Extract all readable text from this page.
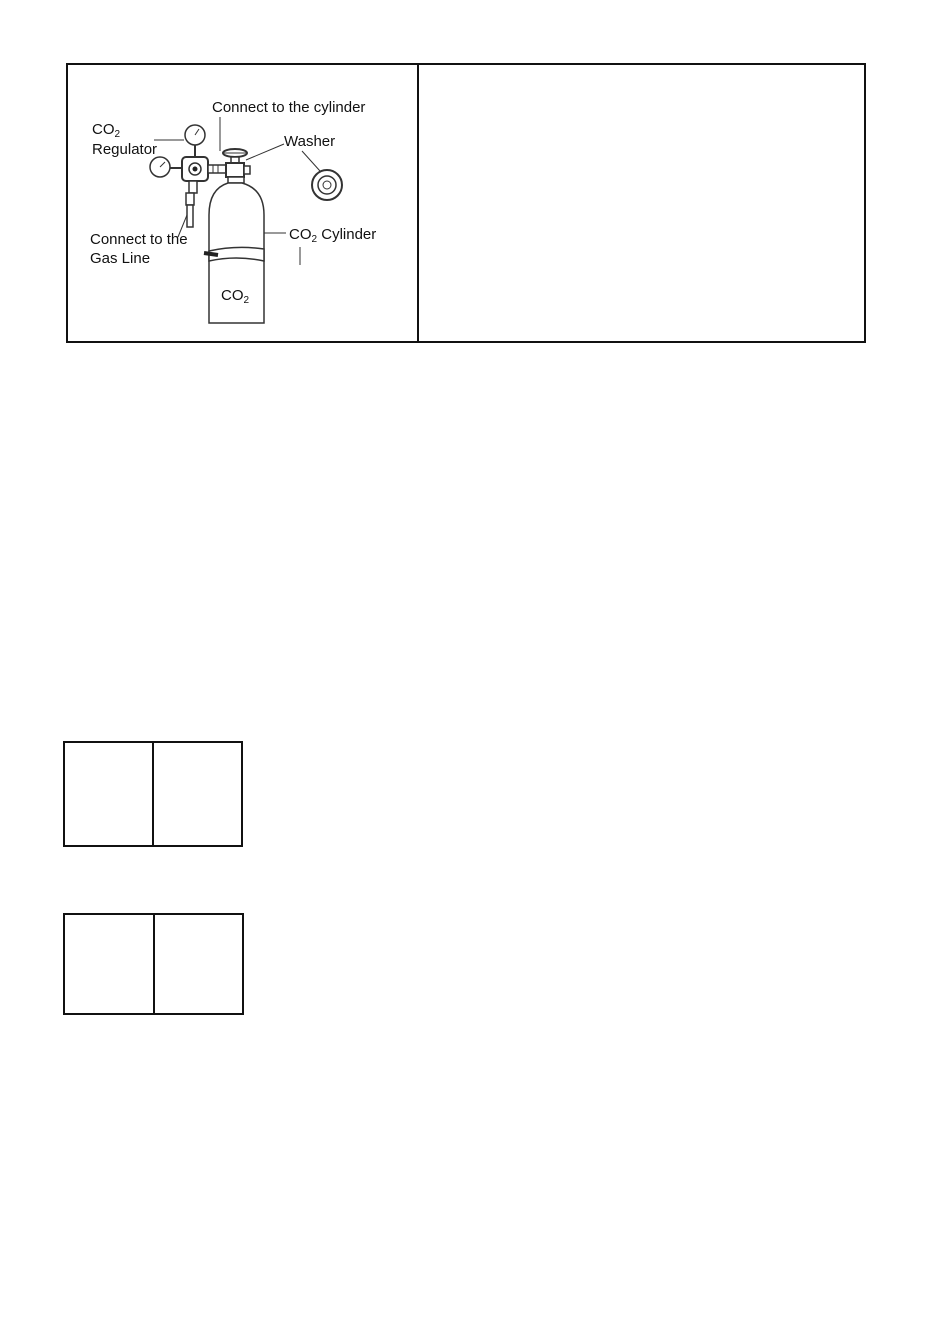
$CO_2$
Regulator
Connect to the cylinder
Washer
Connect to the
Gas Line
$CO_2$
$CO_2$ Cylinder
